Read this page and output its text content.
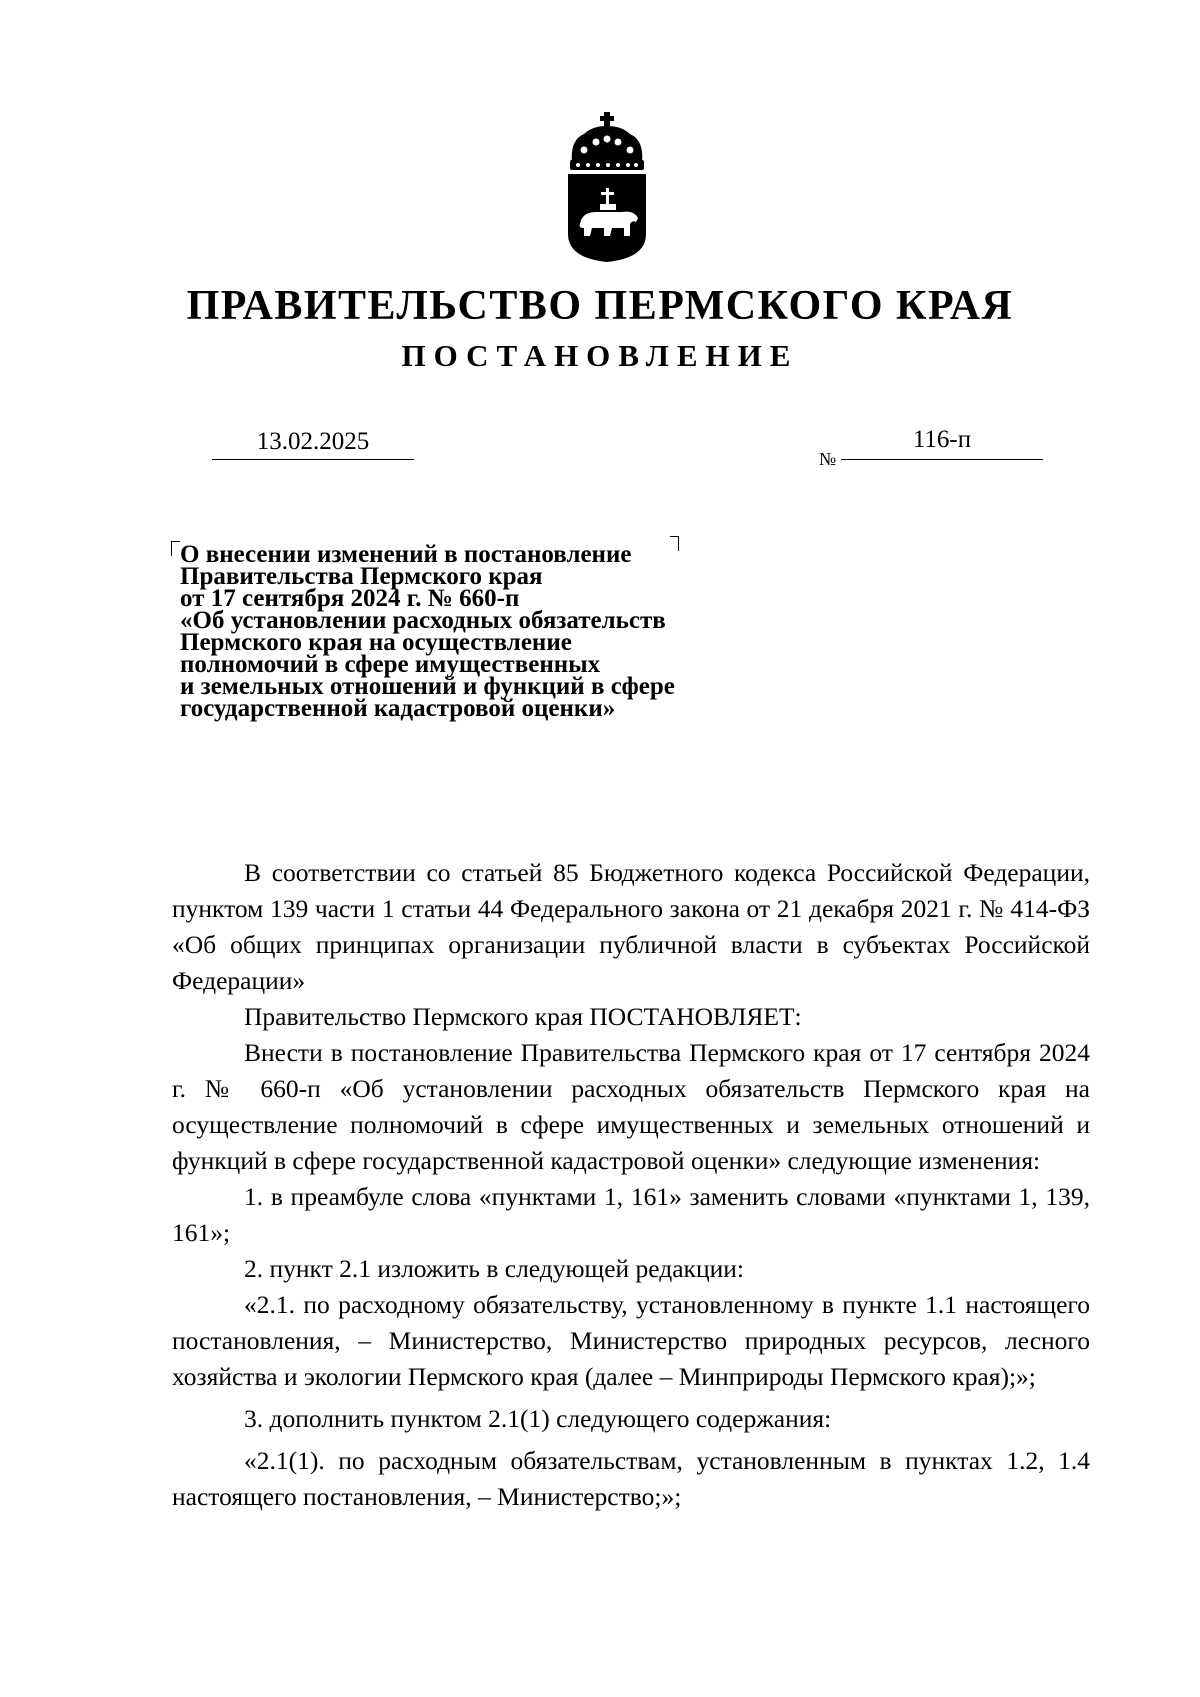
ПРАВИТЕЛЬСТВО ПЕРМСКОГО КРАЯ
ПОСТАНОВЛЕНИЕ
13.02.2025
№
116-п
О внесении изменений в постановление
Правительства Пермского края
от 17 сентября 2024 г. № 660-п
«Об установлении расходных обязательств
Пермского края на осуществление
полномочий в сфере имущественных
и земельных отношений и функций в сфере
государственной кадастровой оценки»

В соответствии со статьей 85 Бюджетного кодекса Российской Федерации, пунктом 139 части 1 статьи 44 Федерального закона от 21 декабря 2021 г. № 414-ФЗ «Об общих принципах организации публичной власти в субъектах Российской Федерации»

Правительство Пермского края ПОСТАНОВЛЯЕТ:

Внести в постановление Правительства Пермского края от 17 сентября 2024 г. № 660-п «Об установлении расходных обязательств Пермского края на осуществление полномочий в сфере имущественных и земельных отношений и функций в сфере государственной кадастровой оценки» следующие изменения:

1. в преамбуле слова «пунктами 1, 161» заменить словами «пунктами 1, 139, 161»;

2. пункт 2.1 изложить в следующей редакции:

«2.1. по расходному обязательству, установленному в пункте 1.1 настоящего постановления, – Министерство, Министерство природных ресурсов, лесного хозяйства и экологии Пермского края (далее – Минприроды Пермского края);»;

3. дополнить пунктом 2.1(1) следующего содержания:

«2.1(1). по расходным обязательствам, установленным в пунктах 1.2, 1.4 настоящего постановления, – Министерство;»;
